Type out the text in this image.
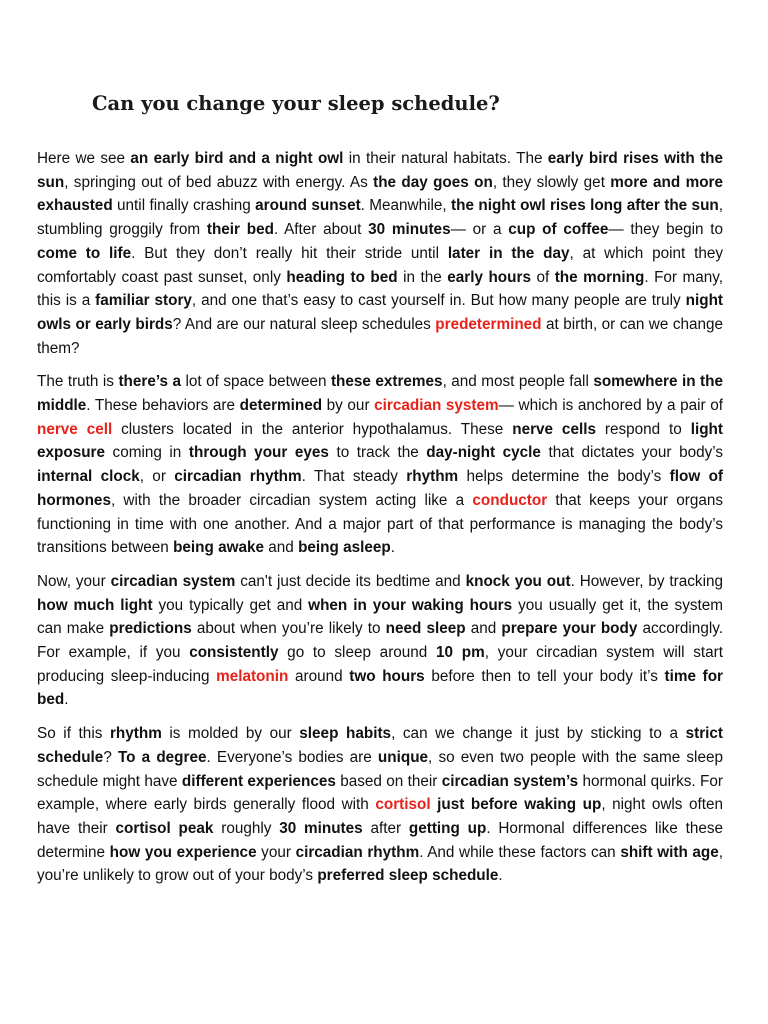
Can you change your sleep schedule?

Here we see an early bird and a night owl in their natural habitats. The early bird rises with the sun, springing out of bed abuzz with energy. As the day goes on, they slowly get more and more exhausted until finally crashing around sunset. Meanwhile, the night owl rises long after the sun, stumbling groggily from their bed. After about 30 minutes— or a cup of coffee— they begin to come to life. But they don’t really hit their stride until later in the day, at which point they comfortably coast past sunset, only heading to bed in the early hours of the morning. For many, this is a familiar story, and one that’s easy to cast yourself in. But how many people are truly night owls or early birds? And are our natural sleep schedules predetermined at birth, or can we change them?

The truth is there’s a lot of space between these extremes, and most people fall somewhere in the middle. These behaviors are determined by our circadian system— which is anchored by a pair of nerve cell clusters located in the anterior hypothalamus. These nerve cells respond to light exposure coming in through your eyes to track the day-night cycle that dictates your body’s internal clock, or circadian rhythm. That steady rhythm helps determine the body’s flow of hormones, with the broader circadian system acting like a conductor that keeps your organs functioning in time with one another. And a major part of that performance is managing the body’s transitions between being awake and being asleep.

Now, your circadian system can't just decide its bedtime and knock you out. However, by tracking how much light you typically get and when in your waking hours you usually get it, the system can make predictions about when you’re likely to need sleep and prepare your body accordingly. For example, if you consistently go to sleep around 10 pm, your circadian system will start producing sleep-inducing melatonin around two hours before then to tell your body it’s time for bed.

So if this rhythm is molded by our sleep habits, can we change it just by sticking to a strict schedule? To a degree. Everyone’s bodies are unique, so even two people with the same sleep schedule might have different experiences based on their circadian system’s hormonal quirks. For example, where early birds generally flood with cortisol just before waking up, night owls often have their cortisol peak roughly 30 minutes after getting up. Hormonal differences like these determine how you experience your circadian rhythm. And while these factors can shift with age, you’re unlikely to grow out of your body’s preferred sleep schedule.
